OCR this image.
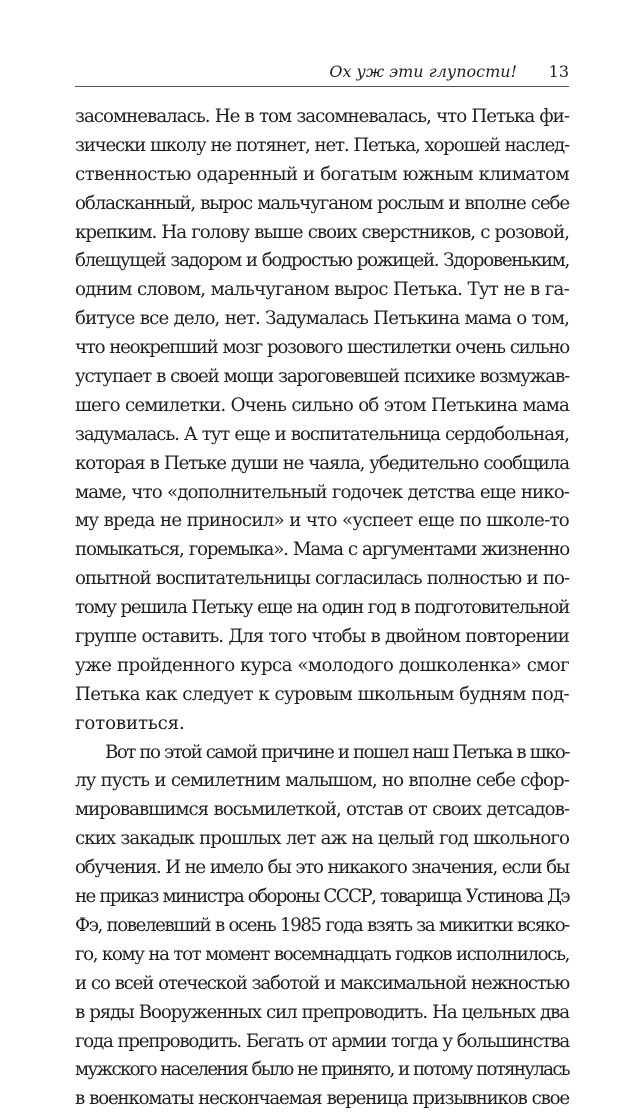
Ох уж эти глупости! 13
засомневалась. Не в том засомневалась, что Петька фи-
зически школу не потянет, нет. Петька, хорошей наслед-
ственностью одаренный и богатым южным климатом
обласканный, вырос мальчуганом рослым и вполне себе
крепким. На голову выше своих сверстников, с розовой,
блещущей задором и бодростью рожицей. Здоровеньким,
одним словом, мальчуганом вырос Петька. Тут не в га-
битусе все дело, нет. Задумалась Петькина мама о том,
что неокрепший мозг розового шестилетки очень сильно
уступает в своей мощи зароговевшей психике возмужав-
шего семилетки. Очень сильно об этом Петькина мама
задумалась. А тут еще и воспитательница сердобольная,
которая в Петьке души не чаяла, убедительно сообщила
маме, что «дополнительный годочек детства еще нико-
му вреда не приносил» и что «успеет еще по школе-то
помыкаться, горемыка». Мама с аргументами жизненно
опытной воспитательницы согласилась полностью и по-
тому решила Петьку еще на один год в подготовительной
группе оставить. Для того чтобы в двойном повторении
уже пройденного курса «молодого дошколенка» смог
Петька как следует к суровым школьным будням под-
готовиться.
Вот по этой самой причине и пошел наш Петька в шко-
лу пусть и семилетним малышом, но вполне себе сфор-
мировавшимся восьмилеткой, отстав от своих детсадов-
ских закадык прошлых лет аж на целый год школьного
обучения. И не имело бы это никакого значения, если бы
не приказ министра обороны СССР, товарища Устинова Дэ
Фэ, повелевший в осень 1985 года взять за микитки всяко-
го, кому на тот момент восемнадцать годков исполнилось,
и со всей отеческой заботой и максимальной нежностью
в ряды Вооруженных сил препроводить. На цельных два
года препроводить. Бегать от армии тогда у большинства
мужского населения было не принято, и потому потянулась
в военкоматы нескончаемая вереница призывников свое
